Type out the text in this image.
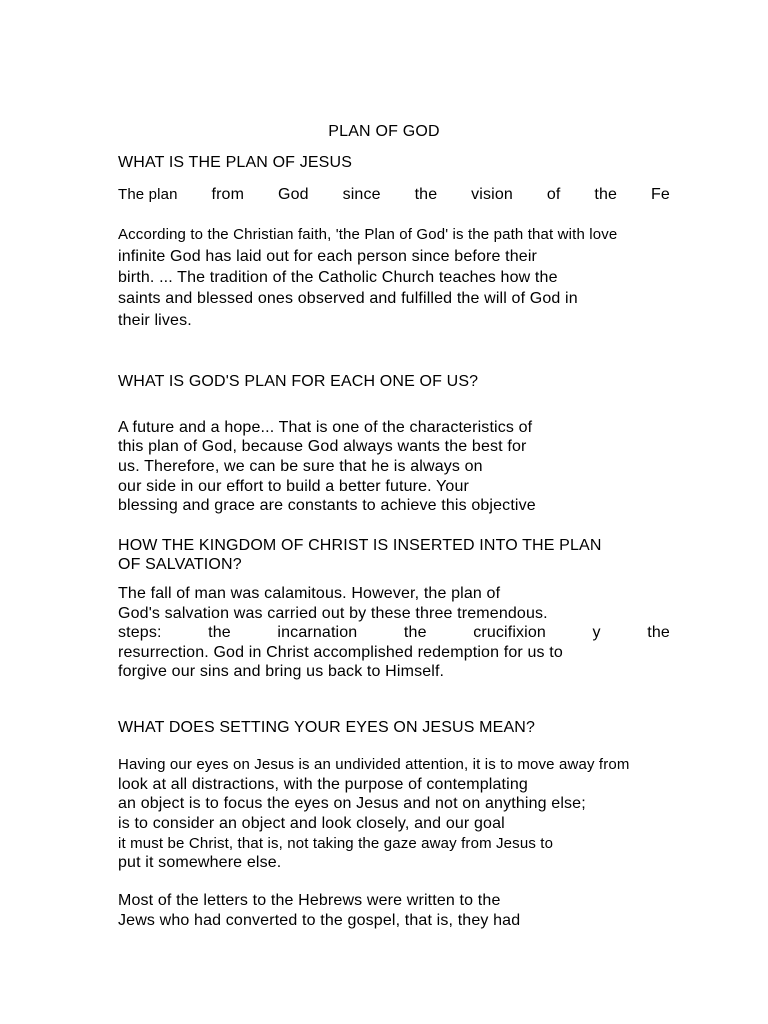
PLAN OF GOD
WHAT IS THE PLAN OF JESUS
The plan from God since the vision of the Fe
According to the Christian faith, 'the Plan of God' is the path that with love
infinite God has laid out for each person since before their
birth. ... The tradition of the Catholic Church teaches how the
saints and blessed ones observed and fulfilled the will of God in
their lives.
WHAT IS GOD'S PLAN FOR EACH ONE OF US?
A future and a hope... That is one of the characteristics of
this plan of God, because God always wants the best for
us. Therefore, we can be sure that he is always on
our side in our effort to build a better future. Your
blessing and grace are constants to achieve this objective
HOW THE KINGDOM OF CHRIST IS INSERTED INTO THE PLAN
OF SALVATION?
The fall of man was calamitous. However, the plan of
God's salvation was carried out by these three tremendous.
steps:	the	incarnation	the	crucifixion	y	the
resurrection. God in Christ accomplished redemption for us to
forgive our sins and bring us back to Himself.
WHAT DOES SETTING YOUR EYES ON JESUS MEAN?
Having our eyes on Jesus is an undivided attention, it is to move away from
look at all distractions, with the purpose of contemplating
an object is to focus the eyes on Jesus and not on anything else;
is to consider an object and look closely, and our goal
it must be Christ, that is, not taking the gaze away from Jesus to
put it somewhere else.
Most of the letters to the Hebrews were written to the
Jews who had converted to the gospel, that is, they had
